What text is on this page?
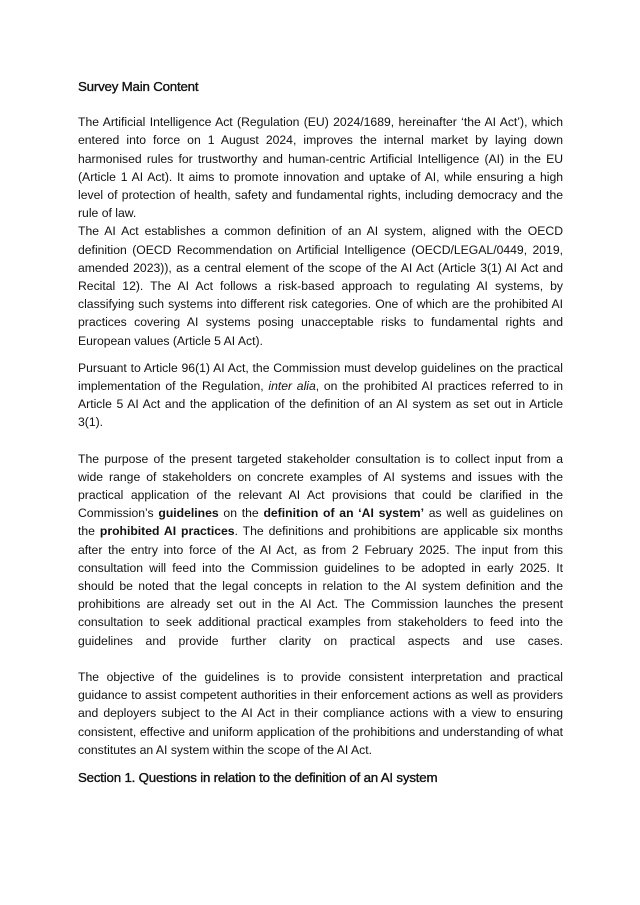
Survey Main Content

The Artificial Intelligence Act (Regulation (EU) 2024/1689, hereinafter ‘the AI Act’), which entered into force on 1 August 2024, improves the internal market by laying down harmonised rules for trustworthy and human-centric Artificial Intelligence (AI) in the EU (Article 1 AI Act). It aims to promote innovation and uptake of AI, while ensuring a high level of protection of health, safety and fundamental rights, including democracy and the rule of law.

The AI Act establishes a common definition of an AI system, aligned with the OECD definition (OECD Recommendation on Artificial Intelligence (OECD/LEGAL/0449, 2019, amended 2023)), as a central element of the scope of the AI Act (Article 3(1) AI Act and Recital 12). The AI Act follows a risk-based approach to regulating AI systems, by classifying such systems into different risk categories. One of which are the prohibited AI practices covering AI systems posing unacceptable risks to fundamental rights and European values (Article 5 AI Act).

Pursuant to Article 96(1) AI Act, the Commission must develop guidelines on the practical implementation of the Regulation, inter alia, on the prohibited AI practices referred to in Article 5 AI Act and the application of the definition of an AI system as set out in Article 3(1).

The purpose of the present targeted stakeholder consultation is to collect input from a wide range of stakeholders on concrete examples of AI systems and issues with the practical application of the relevant AI Act provisions that could be clarified in the Commission’s guidelines on the definition of an ‘AI system’ as well as guidelines on the prohibited AI practices. The definitions and prohibitions are applicable six months after the entry into force of the AI Act, as from 2 February 2025. The input from this consultation will feed into the Commission guidelines to be adopted in early 2025. It should be noted that the legal concepts in relation to the AI system definition and the prohibitions are already set out in the AI Act. The Commission launches the present consultation to seek additional practical examples from stakeholders to feed into the guidelines and provide further clarity on practical aspects and use cases.

The objective of the guidelines is to provide consistent interpretation and practical guidance to assist competent authorities in their enforcement actions as well as providers and deployers subject to the AI Act in their compliance actions with a view to ensuring consistent, effective and uniform application of the prohibitions and understanding of what constitutes an AI system within the scope of the AI Act.

Section 1. Questions in relation to the definition of an AI system
